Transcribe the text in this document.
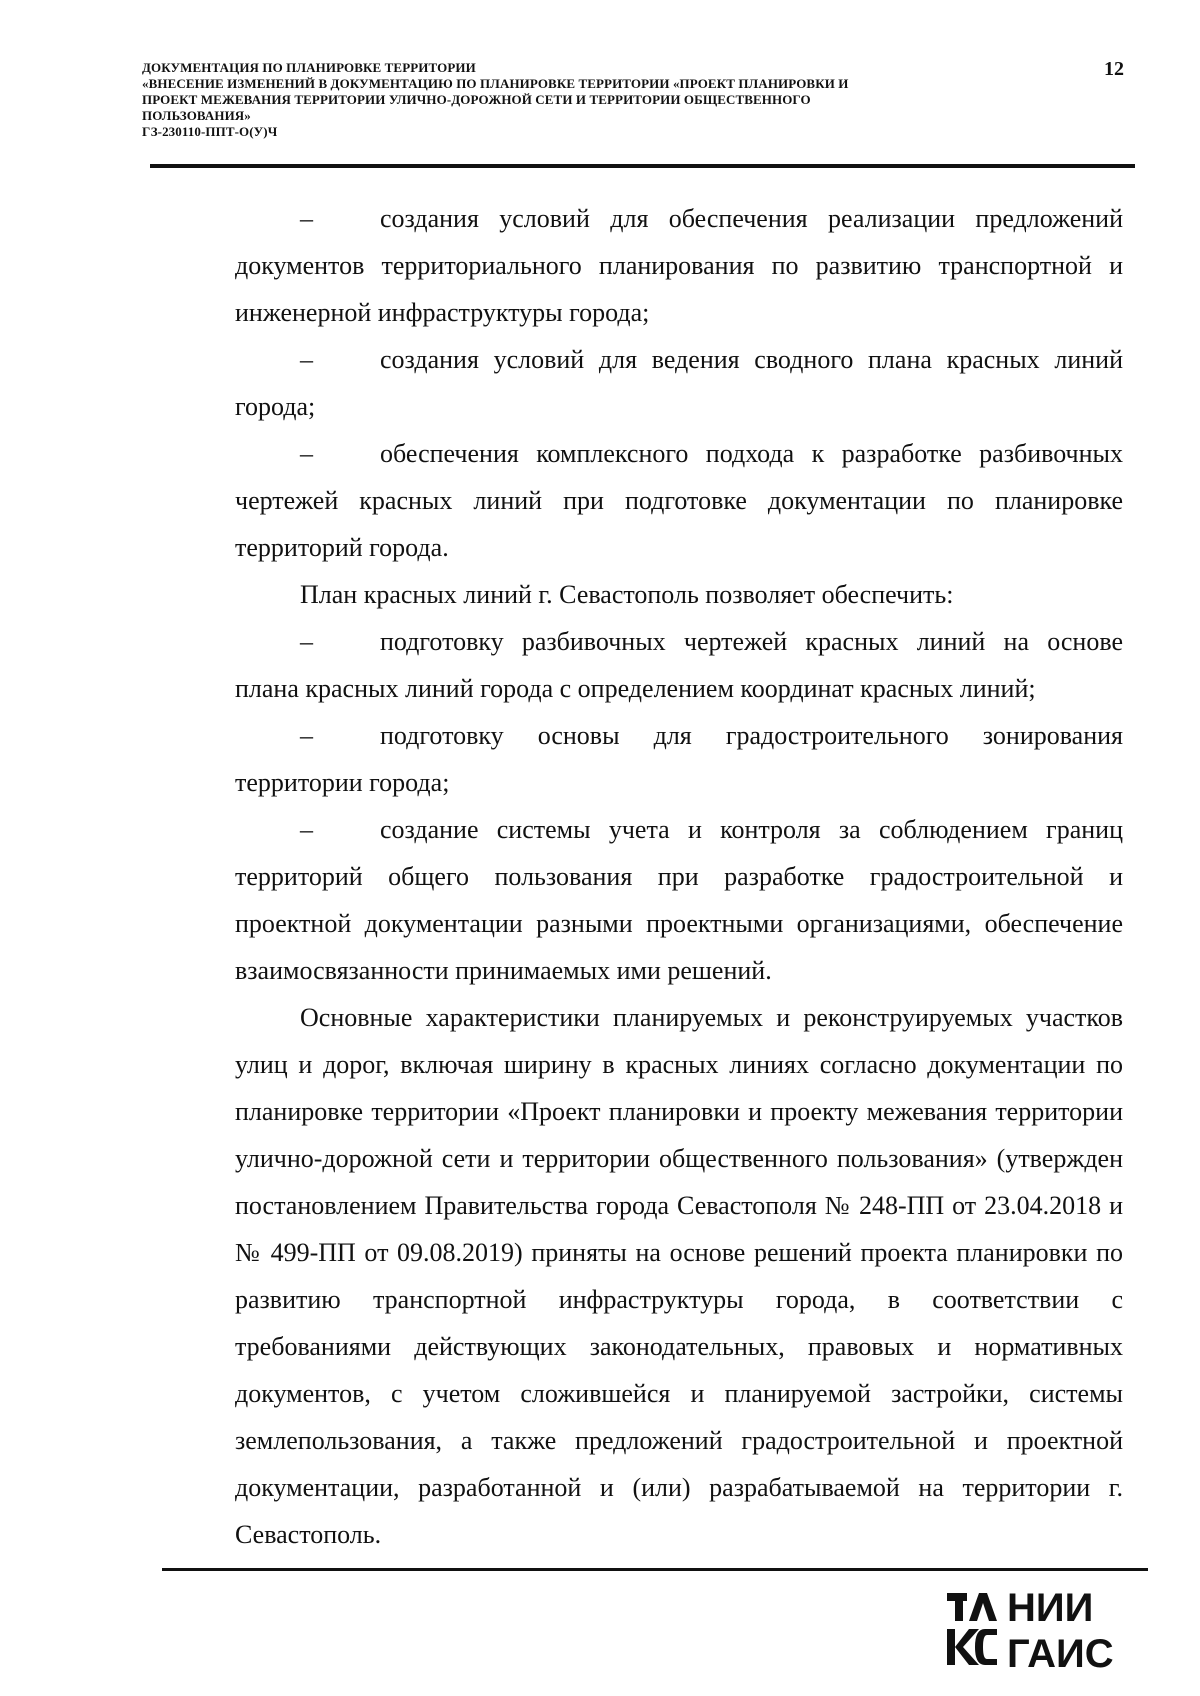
ДОКУМЕНТАЦИЯ ПО ПЛАНИРОВКЕ ТЕРРИТОРИИ
«ВНЕСЕНИЕ ИЗМЕНЕНИЙ В ДОКУМЕНТАЦИЮ ПО ПЛАНИРОВКЕ ТЕРРИТОРИИ «ПРОЕКТ ПЛАНИРОВКИ И
ПРОЕКТ МЕЖЕВАНИЯ ТЕРРИТОРИИ УЛИЧНО-ДОРОЖНОЙ СЕТИ И ТЕРРИТОРИИ ОБЩЕСТВЕННОГО
ПОЛЬЗОВАНИЯ»
ГЗ-230110-ППТ-О(У)Ч
12

–	создания условий для обеспечения реализации предложений документов территориального планирования по развитию транспортной и инженерной инфраструктуры города;

–	создания условий для ведения сводного плана красных линий города;

–	обеспечения комплексного подхода к разработке разбивочных чертежей красных линий при подготовке документации по планировке территорий города.

План красных линий г. Севастополь позволяет обеспечить:

–	подготовку разбивочных чертежей красных линий на основе плана красных линий города с определением координат красных линий;

–	подготовку основы для градостроительного зонирования территории города;

–	создание системы учета и контроля за соблюдением границ территорий общего пользования при разработке градостроительной и проектной документации разными проектными организациями, обеспечение взаимосвязанности принимаемых ими решений.

Основные характеристики планируемых и реконструируемых участков улиц и дорог, включая ширину в красных линиях согласно документации по планировке территории «Проект планировки и проекту межевания территории улично-дорожной сети и территории общественного пользования» (утвержден постановлением Правительства города Севастополя № 248-ПП от 23.04.2018 и № 499-ПП от 09.08.2019) приняты на основе решений проекта планировки по развитию транспортной инфраструктуры города, в соответствии с требованиями действующих законодательных, правовых и нормативных документов, с учетом сложившейся и планируемой застройки, системы землепользования, а также предложений градостроительной и проектной документации, разработанной и (или) разрабатываемой на территории г. Севастополь.

НИИ
ГАИС
